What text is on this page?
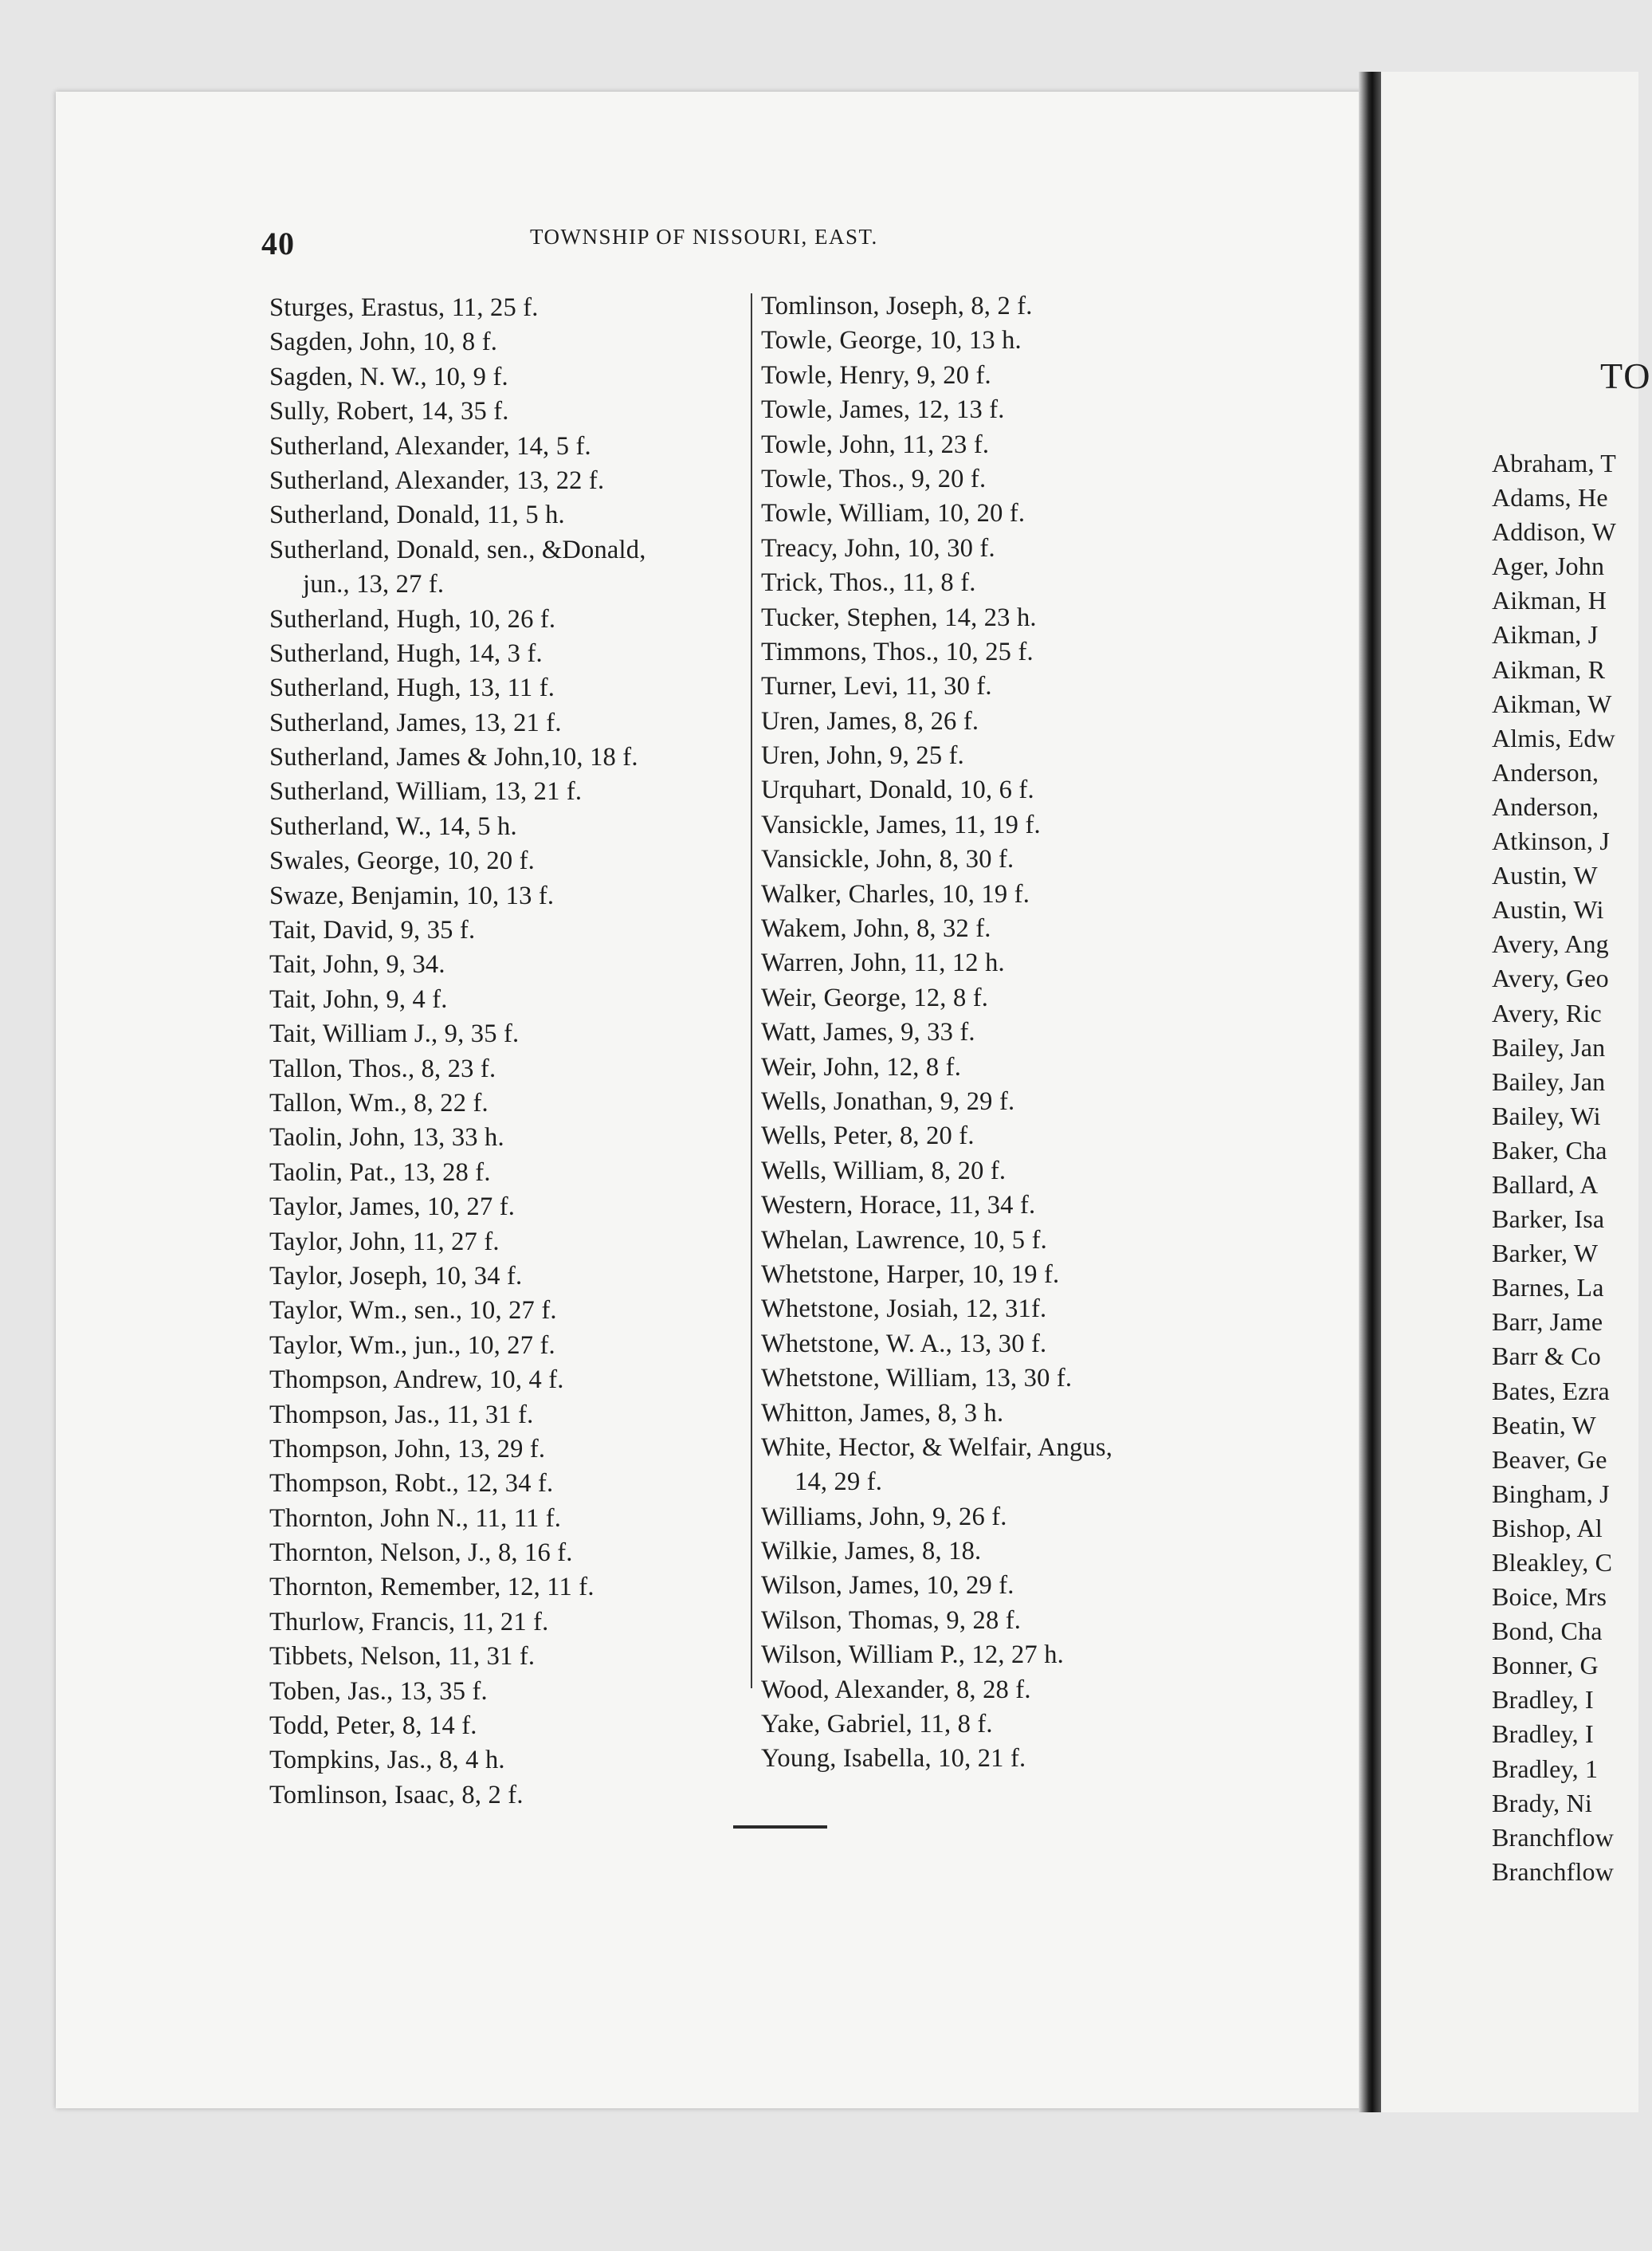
40	TOWNSHIP OF NISSOURI, EAST.
Sturges, Erastus, 11, 25 f.
Sagden, John, 10, 8 f.
Sagden, N. W., 10, 9 f.
Sully, Robert, 14, 35 f.
Sutherland, Alexander, 14, 5 f.
Sutherland, Alexander, 13, 22 f.
Sutherland, Donald, 11, 5 h.
Sutherland, Donald, sen., &Donald,
jun., 13, 27 f.
Sutherland, Hugh, 10, 26 f.
Sutherland, Hugh, 14, 3 f.
Sutherland, Hugh, 13, 11 f.
Sutherland, James, 13, 21 f.
Sutherland, James & John,10, 18 f.
Sutherland, William, 13, 21 f.
Sutherland, W., 14, 5 h.
Swales, George, 10, 20 f.
Swaze, Benjamin, 10, 13 f.
Tait, David, 9, 35 f.
Tait, John, 9, 34.
Tait, John, 9, 4 f.
Tait, William J., 9, 35 f.
Tallon, Thos., 8, 23 f.
Tallon, Wm., 8, 22 f.
Taolin, John, 13, 33 h.
Taolin, Pat., 13, 28 f.
Taylor, James, 10, 27 f.
Taylor, John, 11, 27 f.
Taylor, Joseph, 10, 34 f.
Taylor, Wm., sen., 10, 27 f.
Taylor, Wm., jun., 10, 27 f.
Thompson, Andrew, 10, 4 f.
Thompson, Jas., 11, 31 f.
Thompson, John, 13, 29 f.
Thompson, Robt., 12, 34 f.
Thornton, John N., 11, 11 f.
Thornton, Nelson, J., 8, 16 f.
Thornton, Remember, 12, 11 f.
Thurlow, Francis, 11, 21 f.
Tibbets, Nelson, 11, 31 f.
Toben, Jas., 13, 35 f.
Todd, Peter, 8, 14 f.
Tompkins, Jas., 8, 4 h.
Tomlinson, Isaac, 8, 2 f.
Tomlinson, Joseph, 8, 2 f.
Towle, George, 10, 13 h.
Towle, Henry, 9, 20 f.
Towle, James, 12, 13 f.
Towle, John, 11, 23 f.
Towle, Thos., 9, 20 f.
Towle, William, 10, 20 f.
Treacy, John, 10, 30 f.
Trick, Thos., 11, 8 f.
Tucker, Stephen, 14, 23 h.
Timmons, Thos., 10, 25 f.
Turner, Levi, 11, 30 f.
Uren, James, 8, 26 f.
Uren, John, 9, 25 f.
Urquhart, Donald, 10, 6 f.
Vansickle, James, 11, 19 f.
Vansickle, John, 8, 30 f.
Walker, Charles, 10, 19 f.
Wakem, John, 8, 32 f.
Warren, John, 11, 12 h.
Weir, George, 12, 8 f.
Watt, James, 9, 33 f.
Weir, John, 12, 8 f.
Wells, Jonathan, 9, 29 f.
Wells, Peter, 8, 20 f.
Wells, William, 8, 20 f.
Western, Horace, 11, 34 f.
Whelan, Lawrence, 10, 5 f.
Whetstone, Harper, 10, 19 f.
Whetstone, Josiah, 12, 31f.
Whetstone, W. A., 13, 30 f.
Whetstone, William, 13, 30 f.
Whitton, James, 8, 3 h.
White, Hector, & Welfair, Angus,
14, 29 f.
Williams, John, 9, 26 f.
Wilkie, James, 8, 18.
Wilson, James, 10, 29 f.
Wilson, Thomas, 9, 28 f.
Wilson, William P., 12, 27 h.
Wood, Alexander, 8, 28 f.
Yake, Gabriel, 11, 8 f.
Young, Isabella, 10, 21 f.
TO
Abraham, T
Adams, He
Addison, W
Ager, John
Aikman, H
Aikman, J
Aikman, R
Aikman, W
Almis, Edw
Anderson,
Anderson,
Atkinson, J
Austin, W
Austin, Wi
Avery, Ang
Avery, Geo
Avery, Ric
Bailey, Jan
Bailey, Jan
Bailey, Wi
Baker, Cha
Ballard, A
Barker, Isa
Barker, W
Barnes, La
Barr, Jame
Barr & Co
Bates, Ezra
Beatin, W
Beaver, Ge
Bingham, J
Bishop, Al
Bleakley, C
Boice, Mrs
Bond, Cha
Bonner, G
Bradley, I
Bradley, I
Bradley, 1
Brady, Ni
Branchflow
Branchflow
